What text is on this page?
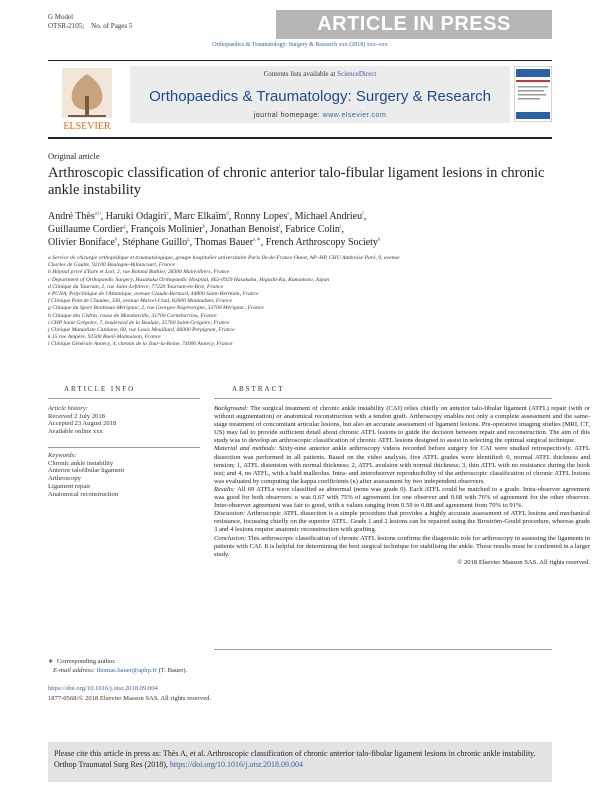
G Model
OTSR-2105; No. of Pages 5	ARTICLE IN PRESS
Orthopaedics & Traumatology: Surgery & Research xxx (2018) xxx–xxx
Contents lists available at ScienceDirect
Orthopaedics & Traumatology: Surgery & Research
journal homepage: www.elsevier.com
ELSEVIER
Original article
Arthroscopic classification of chronic anterior talo-fibular ligament lesions in chronic ankle instability
André Thès$^{a,b}$, Haruki Odagiri$^c$, Marc Elkaïm$^d$, Ronny Lopes$^e$, Michael Andrieu$^f$,
Guillaume Cordier$^g$, François Molinier$^h$, Jonathan Benoist$^i$, Fabrice Colin$^j$,
Olivier Boniface$^k$, Stéphane Guillo$^g$, Thomas Bauer$^{a,∗}$, French Arthroscopy Society$^k$
a Service de chirurgie orthopédique et traumatologique, groupe hospitalier universitaire Paris Ile-de-France Ouest, AP–HP, CHU Ambroise Paré, 9, avenue
Charles de Gaulle, 92100 Boulogne-Billancourt, France
b Hôpital privé d'Eure et Loir, 2, rue Roland Buthier, 28300 Mainvilliers, France
c Department of Orthopaedic Surgery, Hasakaka Orthopaedic Hospital, 862-0929 Hasakaba, Higashi-Ku, Kumamoto, Japan
d Clinique du Tournan, 2, rue Jules-Lefebvre, 77220 Tournan-en-Brie, France
e PCNA, Polyclinique de l'Atlantique, avenue Claude-Bernard, 44800 Saint-Herblain, France
f Clinique Pont de Chaume, 330, avenue Marcel-Unal, 82000 Montauban, France
g Clinique du Sport Bordeaux-Mérignac, 2, rue Georges-Négrevergne, 33700 Mérignac, France
h Clinique des Cèdres, rouse de Mondonville, 31700 Cornebarrieu, France
i CHP Saint Grégoire, 7, boulevard de la Boulaie, 35760 Saint-Grégoire, France
j Clinique Mutualiste Catalane, 60, rue Louis Mouillard, 66000 Perpignan, France
k 15 rue Ampère, 92500 Rueil-Malmaison, France
l Clinique Générale Annecy, 4, chemin de la Tour-la-Reine, 74000 Annecy, France
ARTICLE INFO	ABSTRACT
Article history:
Received 2 July 2018
Accepted 23 August 2018
Available online xxx
Keywords:
Chronic ankle instability
Anterior talofibular ligament
Arthroscopy
Ligament repair
Anatomical reconstruction

Background: The surgical treatment of chronic ankle instability (CAI) relies chiefly on anterior talo-fibular ligament (ATFL) repair (with or without augmentation) or anatomical reconstruction with a tendon graft. Arthroscopy enables not only a complete assessment and the same-stage treatment of concomitant articular lesions, but also an accurate assessment of ligament lesions. Pre-operative imaging studies (MRI, CT, US) may fail to provide sufficient detail about chronic ATFL lesions to guide the decision between repair and reconstruction. The aim of this study was to develop an arthroscopic classification of chronic ATFL lesions designed to assist in selecting the optimal surgical technique.

Material and methods: Sixty-nine anterior ankle arthroscopy videos recorded before surgery for CAI were studied retrospectively. ATFL dissection was performed in all patients. Based on the video analysis, five ATFL grades were identified: 0, normal ATFL thickness and tension; 1, ATFL distension with normal thickness; 2, ATFL avulsion with normal thickness; 3, thin ATFL with no resistance during the hook test; and 4, no ATFL, with a bald malleolus. Intra- and interobserver reproducibility of the arthroscopic classification of chronic ATFL lesions was evaluated by computing the kappa coefficients (κ) after assessment by two independent observers.

Results: All 69 ATFLs were classified as abnormal (none was grade 0). Each ATFL could be matched to a grade. Intra-observer agreement was good for both observers: κ was 0.67 with 75% of agreement for one observer and 0.68 with 76% of agreement for the other observer. Inter-observer agreement was fair to good, with κ values ranging from 0.59 to 0.88 and agreement from 70% to 91%.

Discussion: Arthroscopic ATFL dissection is a simple procedure that provides a highly accurate assessment of ATFL lesions and mechanical resistance, focussing chiefly on the superior ATFL. Grade 1 and 2 lesions can be repaired using the Broström-Gould procedure, whereas grade 3 and 4 lesions require anatomic reconstruction with grafting.

Conclusion: This arthroscopic classification of chronic ATFL lesions confirms the diagnostic role for arthroscopy in assessing the ligaments in patients with CAI. It is helpful for determining the best surgical technique for stabilising the ankle. These results must be confirmed in a larger study.

© 2018 Elsevier Masson SAS. All rights reserved.

∗ Corresponding author.
E-mail address: thomas.bauer@aphp.fr (T. Bauer).
https://doi.org/10.1016/j.otsr.2018.09.004
1877-0568/© 2018 Elsevier Masson SAS. All rights reserved.
Please cite this article in press as: Thès A, et al. Arthroscopic classification of chronic anterior talo-fibular ligament lesions in chronic ankle instability. Orthop Traumatol Surg Res (2018), https://doi.org/10.1016/j.otsr.2018.09.004
